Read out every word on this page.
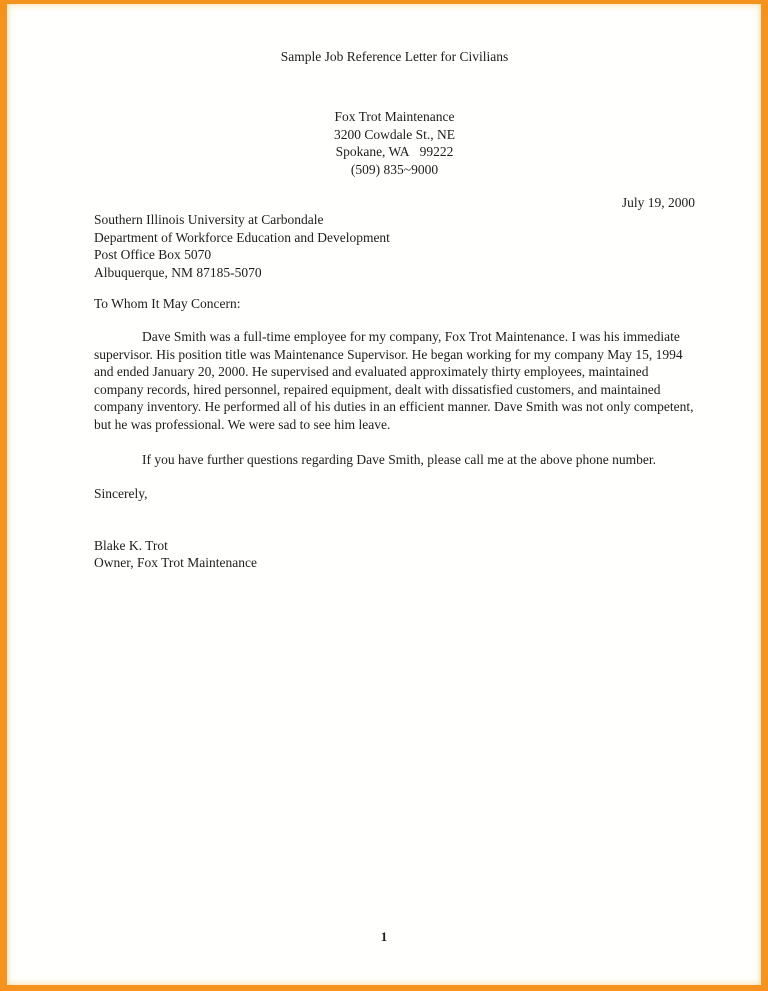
Sample Job Reference Letter for Civilians
Fox Trot Maintenance
3200 Cowdale St., NE
Spokane, WA   99222
(509) 835~9000
July 19, 2000
Southern Illinois University at Carbondale
Department of Workforce Education and Development
Post Office Box 5070
Albuquerque, NM 87185-5070
To Whom It May Concern:

Dave Smith was a full-time employee for my company, Fox Trot Maintenance. I was his immediate supervisor. His position title was Maintenance Supervisor. He began working for my company May 15, 1994 and ended January 20, 2000. He supervised and evaluated approximately thirty employees, maintained company records, hired personnel, repaired equipment, dealt with dissatisfied customers, and maintained company inventory. He performed all of his duties in an efficient manner. Dave Smith was not only competent, but he was professional. We were sad to see him leave.

If you have further questions regarding Dave Smith, please call me at the above phone number.

Sincerely,
Blake K. Trot
Owner, Fox Trot Maintenance
1
